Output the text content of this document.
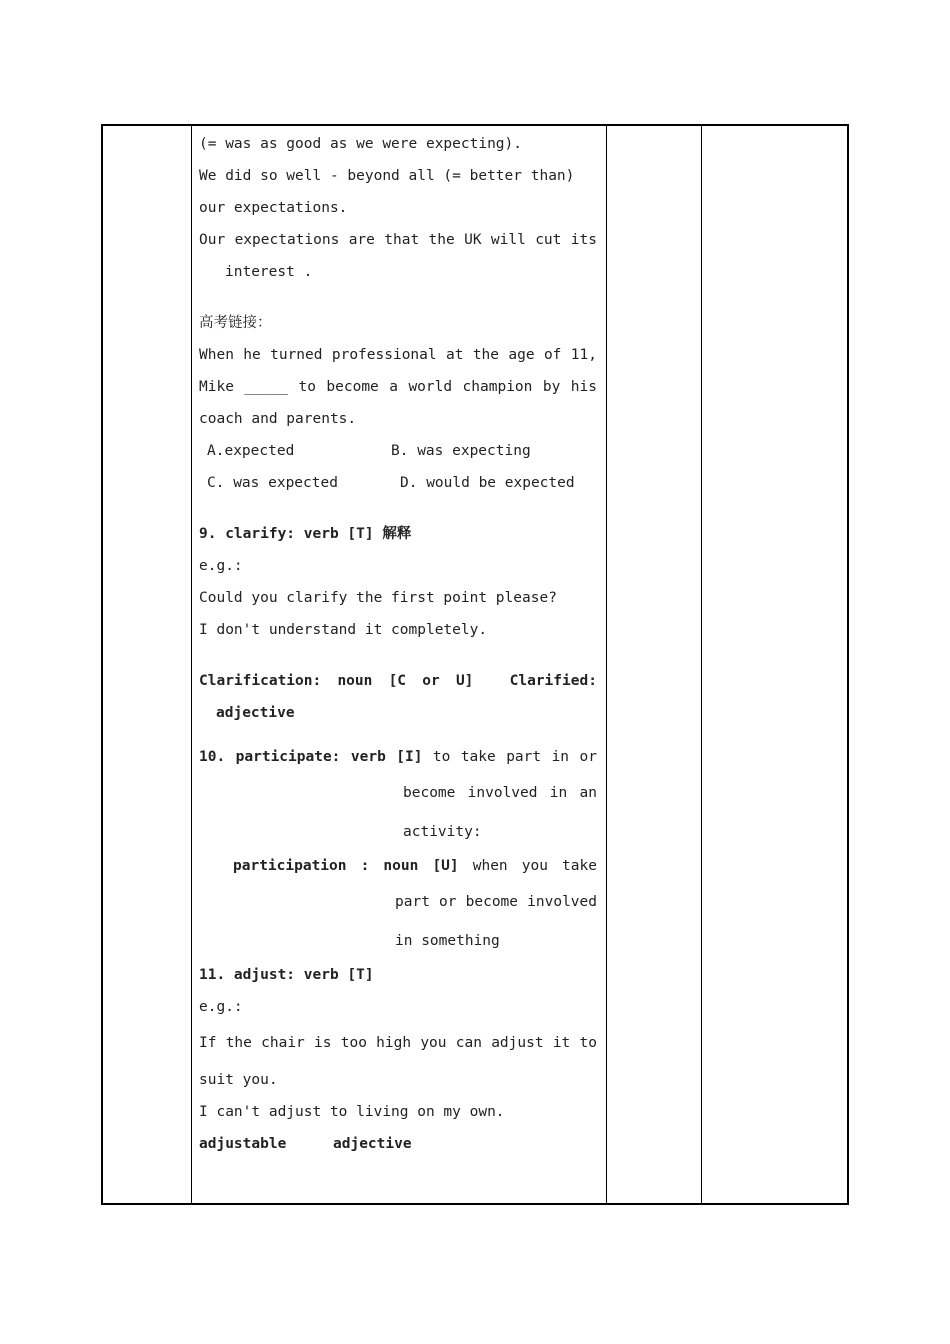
(= was as good as we were expecting).

We did so well - beyond all (= better than)

our expectations.

Our expectations are that the UK will cut its

interest .

高考链接：

When he turned professional at the age of 11,

Mike _____ to become a world champion by his

coach and parents.

A.expected	B. was expecting

C. was expected	D. would be expected

9. clarify: verb [T] 解释

e.g.:

Could you clarify the first point please?

I don't understand it completely.

Clarification: noun [C or U]	Clarified:

adjective

10. participate: verb [I] to take part in or

become involved in an

activity:

participation : noun [U] when you take

part or become involved

in something

11. adjust: verb [T]

e.g.:

If the chair is too high you can adjust it to

suit you.

I can't adjust to living on my own.

adjustable	adjective
